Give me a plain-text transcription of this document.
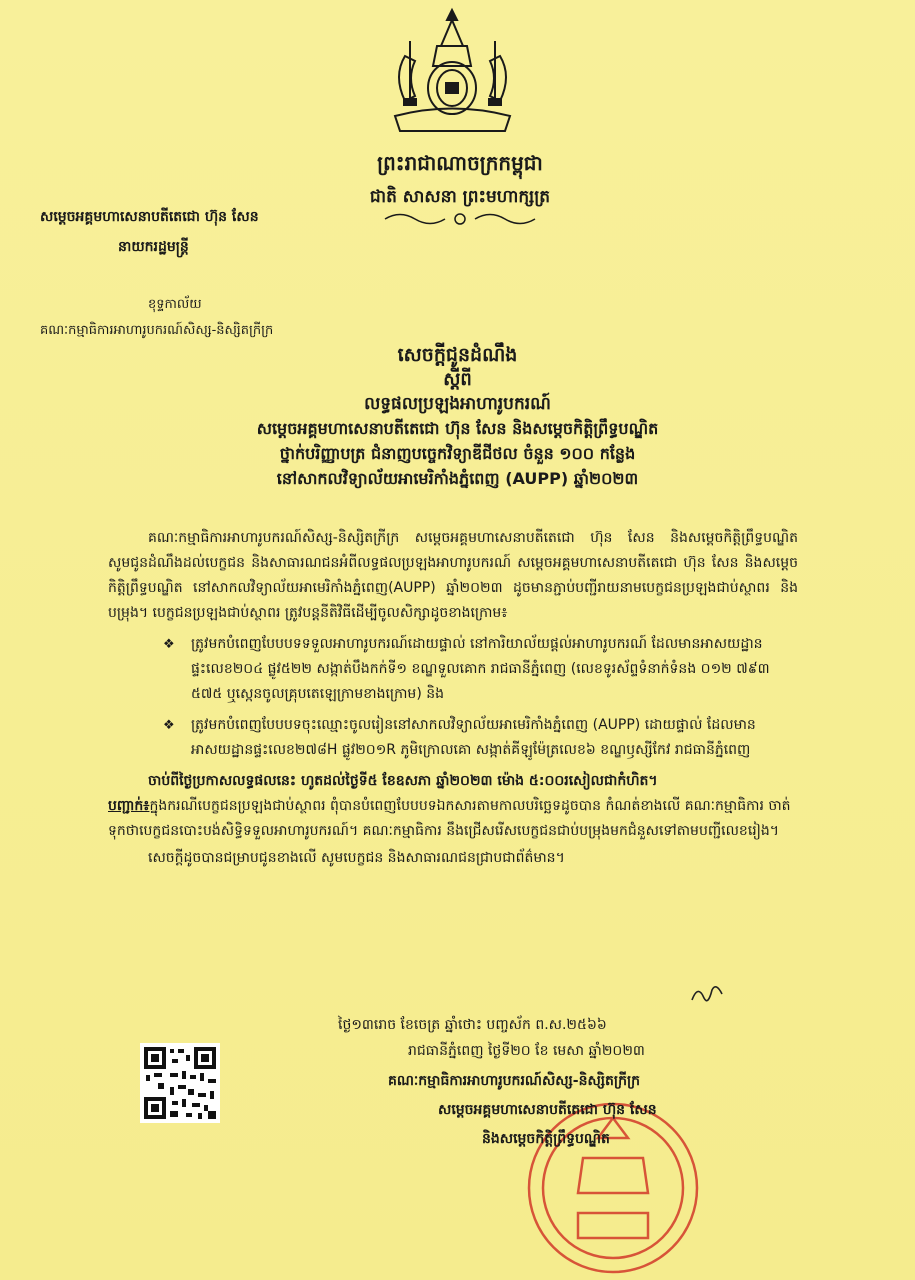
ព្រះរាជាណាចក្រកម្ពុជា
ជាតិ សាសនា ព្រះមហាក្សត្រ
សម្តេចអគ្គមហាសេនាបតីតេជោ ហ៊ុន សែន
នាយករដ្ឋមន្ត្រី
ខុទ្ទកាល័យ
គណៈកម្មាធិការអាហារូបករណ៍សិស្ស-និស្សិតក្រីក្រ
សេចក្តីជូនដំណឹង
ស្តីពី
លទ្ធផលប្រឡងអាហារូបករណ៍
សម្តេចអគ្គមហាសេនាបតីតេជោ ហ៊ុន សែន និងសម្តេចកិត្តិព្រឹទ្ធបណ្ឌិត
ថ្នាក់បរិញ្ញាបត្រ ជំនាញបច្ចេកវិទ្យាឌីជីថល ចំនួន ១០០ កន្លែង
នៅសាកលវិទ្យាល័យអាមេរិកាំងភ្នំពេញ (AUPP) ឆ្នាំ២០២៣

គណៈកម្មាធិការអាហារូបករណ៍សិស្ស-និស្សិតក្រីក្រ សម្តេចអគ្គមហាសេនាបតីតេជោ ហ៊ុន សែន និងសម្តេចកិត្តិព្រឹទ្ធបណ្ឌិត សូមជូនដំណឹងដល់បេក្ខជន និងសាធារណជនអំពីលទ្ធផលប្រឡងអាហារូបករណ៍ សម្តេចអគ្គមហាសេនាបតីតេជោ ហ៊ុន សែន និងសម្តេចកិត្តិព្រឹទ្ធបណ្ឌិត នៅសាកលវិទ្យាល័យអាមេរិកាំងភ្នំពេញ(AUPP) ឆ្នាំ២០២៣ ដូចមានភ្ជាប់បញ្ជីរាយនាមបេក្ខជនប្រឡងជាប់ស្ថាពរ និងបម្រុង។ បេក្ខជនប្រឡងជាប់ស្ថាពរ ត្រូវបន្តនីតិវិធីដើម្បីចូលសិក្សាដូចខាងក្រោម៖

❖ ត្រូវមកបំពេញបែបបទទទួលអាហារូបករណ៍ដោយផ្ទាល់ នៅការិយាល័យផ្តល់អាហារូបករណ៍ ដែលមានអាសយដ្ឋានផ្ទះលេខ២០៤ ផ្លូវ៥២២ សង្កាត់បឹងកក់ទី១ ខណ្ឌទួលគោក រាជធានីភ្នំពេញ (លេខទូរស័ព្ទទំនាក់ទំនង ០១២ ៧៩៣ ៥៧៥ ឬស្កេនចូលគ្រុបតេឡេក្រាមខាងក្រោម) និង
❖ ត្រូវមកបំពេញបែបបទចុះឈ្មោះចូលរៀននៅសាកលវិទ្យាល័យអាមេរិកាំងភ្នំពេញ (AUPP) ដោយផ្ទាល់ ដែលមានអាសយដ្ឋានផ្ទះលេខ២៧៨H ផ្លូវ២០១R ភូមិក្រោលគោ សង្កាត់គីឡូម៉ែត្រលេខ៦ ខណ្ឌឫស្សីកែវ រាជធានីភ្នំពេញ
ចាប់ពីថ្ងៃប្រកាសលទ្ធផលនេះ ហូតដល់ថ្ងៃទី៥ ខែឧសភា ឆ្នាំ២០២៣ ម៉ោង ៥:០០រសៀលជាកំហិត។

បញ្ជាក់៖ក្នុងករណីបេក្ខជនប្រឡងជាប់ស្ថាពរ ពុំបានបំពេញបែបបទឯកសារតាមកាលបរិច្ឆេទដូចបាន កំណត់ខាងលើ គណៈកម្មាធិការ ចាត់ទុកថាបេក្ខជនបោះបង់សិទ្ធិទទួលអាហារូបករណ៍។ គណៈកម្មាធិការ នឹងជ្រើសរើសបេក្ខជនជាប់បម្រុងមកជំនួសទៅតាមបញ្ជីលេខរៀង។

សេចក្តីដូចបានជម្រាបជូនខាងលើ សូមបេក្ខជន និងសាធារណជនជ្រាបជាព័ត៌មាន។
ថ្ងៃ១៣រោច ខែចេត្រ ឆ្នាំថោះ បញ្ចស័ក ព.ស.២៥៦៦
រាជធានីភ្នំពេញ ថ្ងៃទី២០ ខែ មេសា ឆ្នាំ២០២៣
គណៈកម្មាធិការអាហារូបករណ៍សិស្ស-និស្សិតក្រីក្រ
សម្តេចអគ្គមហាសេនាបតីតេជោ ហ៊ុន សែន
និងសម្តេចកិត្តិព្រឹទ្ធបណ្ឌិត
